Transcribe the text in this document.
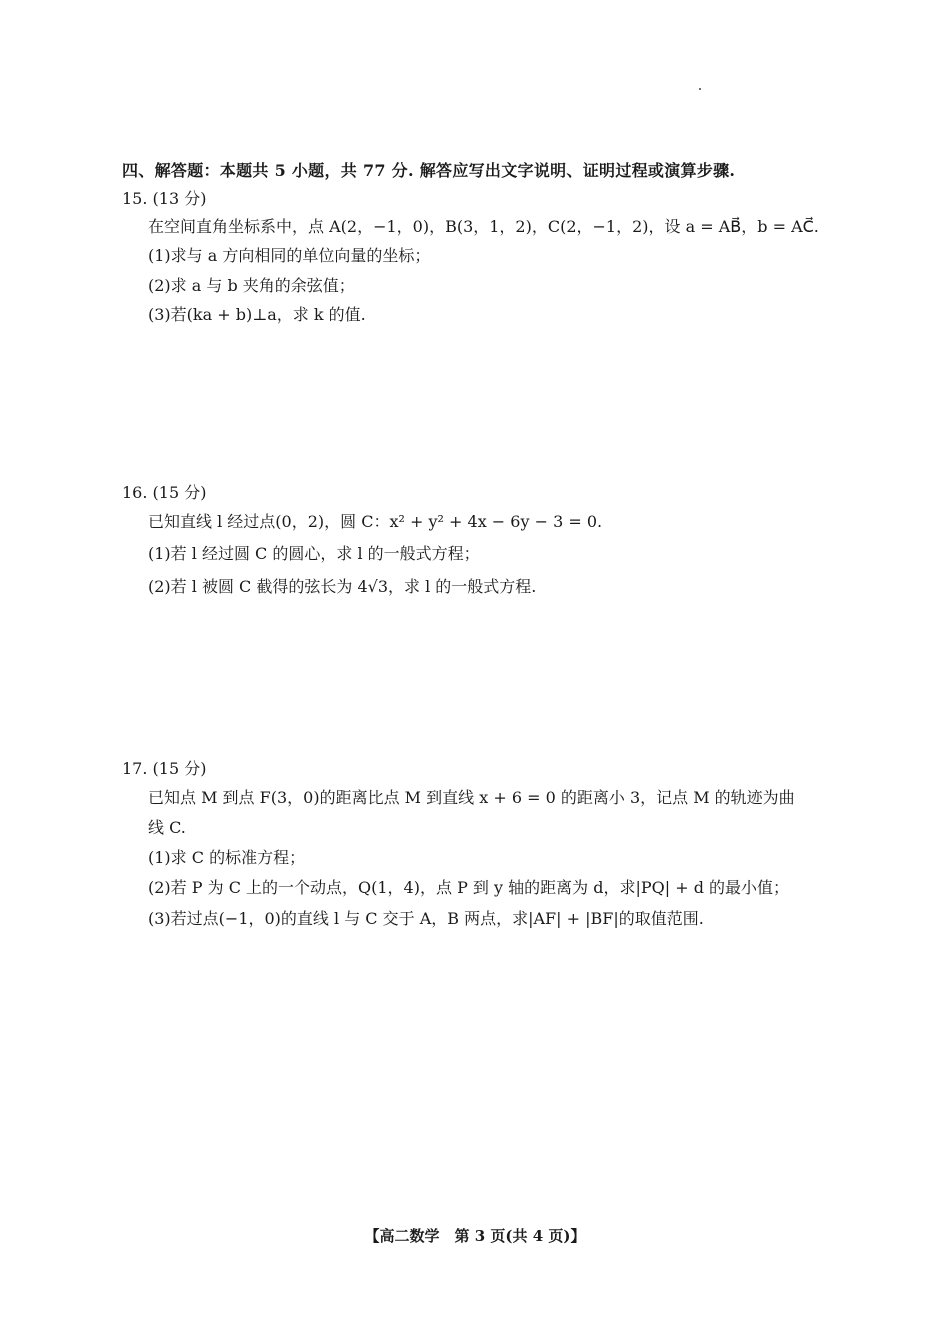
四、解答题：本题共 5 小题，共 77 分. 解答应写出文字说明、证明过程或演算步骤.
15. (13 分)
在空间直角坐标系中，点 A(2，−1，0)，B(3，1，2)，C(2，−1，2)，设 a = AB⃗，b = AC⃗.
(1)求与 a 方向相同的单位向量的坐标；
(2)求 a 与 b 夹角的余弦值；
(3)若(ka + b)⊥a，求 k 的值.
16. (15 分)
已知直线 l 经过点(0，2)，圆 C：x² + y² + 4x − 6y − 3 = 0.
(1)若 l 经过圆 C 的圆心，求 l 的一般式方程；
(2)若 l 被圆 C 截得的弦长为 4√3，求 l 的一般式方程.
17. (15 分)
已知点 M 到点 F(3，0)的距离比点 M 到直线 x + 6 = 0 的距离小 3，记点 M 的轨迹为曲
线 C.
(1)求 C 的标准方程；
(2)若 P 为 C 上的一个动点，Q(1，4)，点 P 到 y 轴的距离为 d，求|PQ| + d 的最小值；
(3)若过点(−1，0)的直线 l 与 C 交于 A，B 两点，求|AF| + |BF|的取值范围.
【高二数学　第 3 页(共 4 页)】
